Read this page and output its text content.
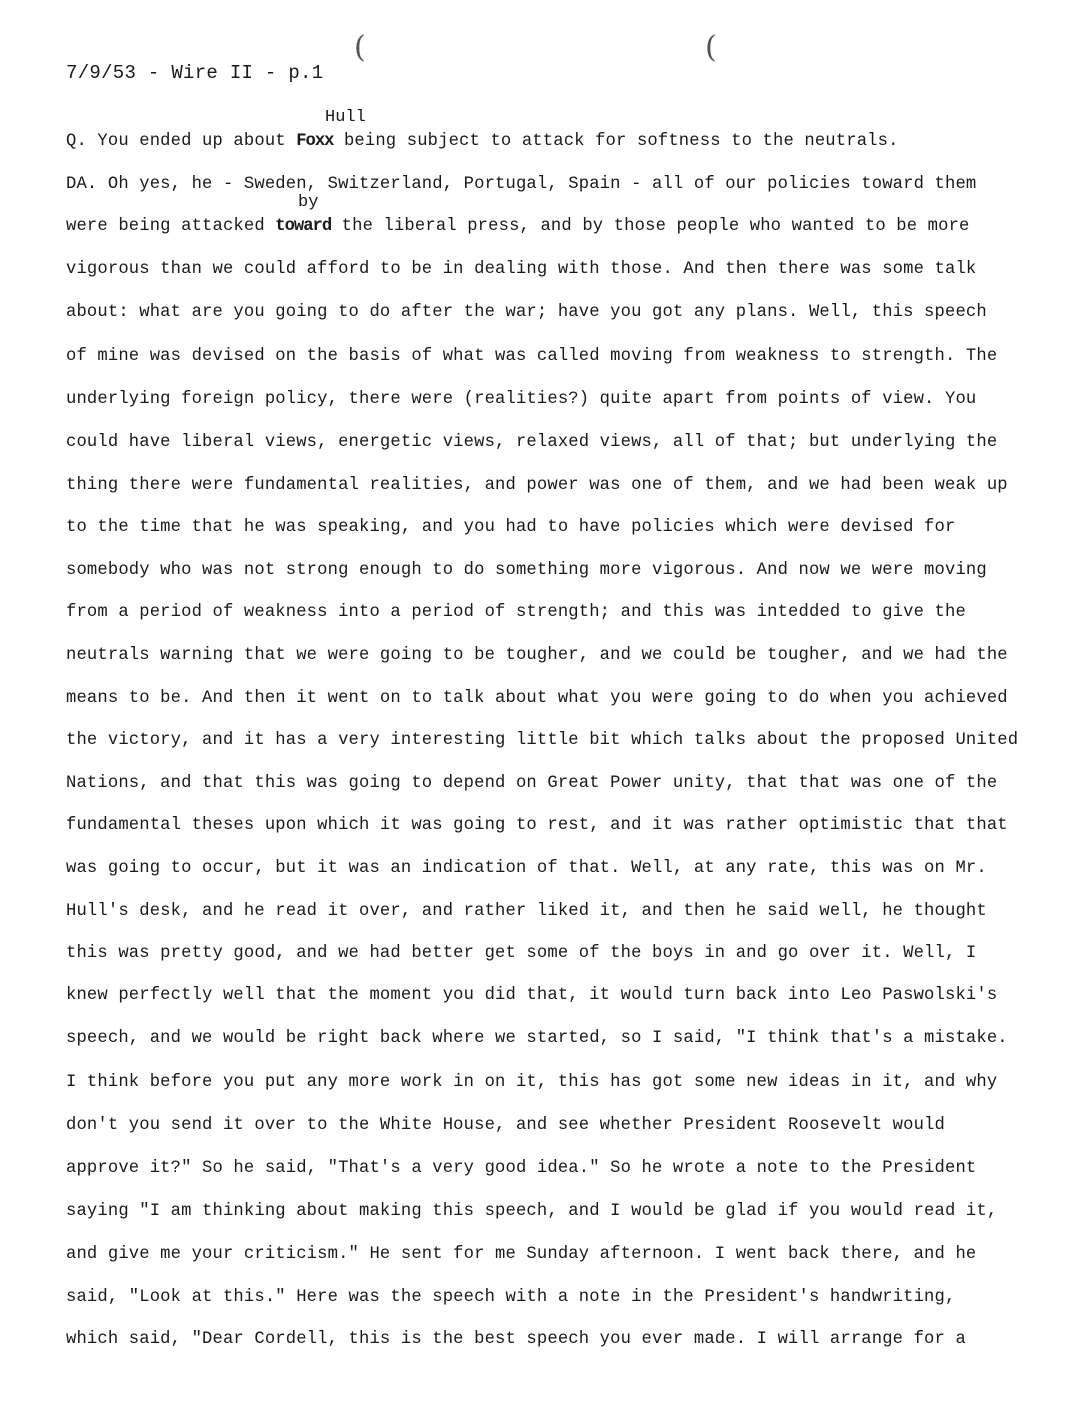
(	(
7/9/53 - Wire II - p.1
Hull
by
Q. You ended up about Foxx being subject to attack for softness to the neutrals.
DA. Oh yes, he - Sweden, Switzerland, Portugal, Spain - all of our policies toward them
were being attacked toward the liberal press, and by those people who wanted to be more
vigorous than we could afford to be in dealing with those. And then there was some talk
about: what are you going to do after the war; have you got any plans. Well, this speech
of mine was devised on the basis of what was called moving from weakness to strength. The
underlying foreign policy, there were (realities?) quite apart from points of view. You
could have liberal views, energetic views, relaxed views, all of that; but underlying the
thing there were fundamental realities, and power was one of them, and we had been weak up
to the time that he was speaking, and you had to have policies which were devised for
somebody who was not strong enough to do something more vigorous. And now we were moving
from a period of weakness into a period of strength; and this was intedded to give the
neutrals warning that we were going to be tougher, and we could be tougher, and we had the
means to be. And then it went on to talk about what you were going to do when you achieved
the victory, and it has a very interesting little bit which talks about the proposed United
Nations, and that this was going to depend on Great Power unity, that that was one of the
fundamental theses upon which it was going to rest, and it was rather optimistic that that
was going to occur, but it was an indication of that. Well, at any rate, this was on Mr.
Hull's desk, and he read it over, and rather liked it, and then he said well, he thought
this was pretty good, and we had better get some of the boys in and go over it. Well, I
knew perfectly well that the moment you did that, it would turn back into Leo Paswolski's
speech, and we would be right back where we started, so I said, "I think that's a mistake.
I think before you put any more work in on it, this has got some new ideas in it, and why
don't you send it over to the White House, and see whether President Roosevelt would
approve it?" So he said, "That's a very good idea." So he wrote a note to the President
saying "I am thinking about making this speech, and I would be glad if you would read it,
and give me your criticism." He sent for me Sunday afternoon. I went back there, and he
said, "Look at this." Here was the speech with a note in the President's handwriting,
which said, "Dear Cordell, this is the best speech you ever made. I will arrange for a
